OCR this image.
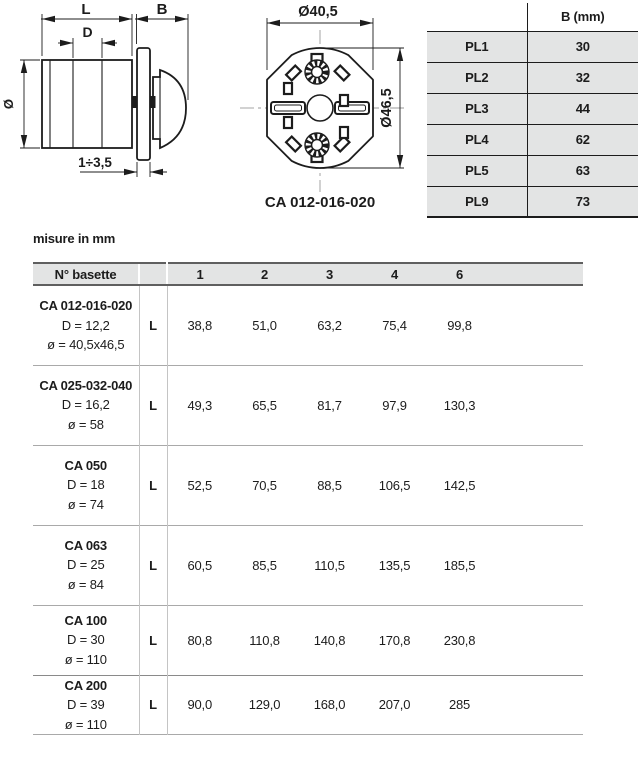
L	B
D
Ø
1÷3,5
Ø40,5
Ø46,5
CA 012-016-020
	B (mm)
PL1	30
PL2	32
PL3	44
PL4	62
PL5	63
PL9	73
misure in mm
N° basette		1	2	3	4	6	

CA 012-016-020
D = 12,2
ø = 40,5x46,5	L	38,8	51,0	63,2	75,4	99,8	

CA 025-032-040
D = 16,2
ø = 58	L	49,3	65,5	81,7	97,9	130,3	

CA 050
D = 18
ø = 74	L	52,5	70,5	88,5	106,5	142,5	

CA 063
D = 25
ø = 84	L	60,5	85,5	110,5	135,5	185,5	

CA 100
D = 30
ø = 110	L	80,8	110,8	140,8	170,8	230,8	

CA 200
D = 39
ø = 110	L	90,0	129,0	168,0	207,0	285	
